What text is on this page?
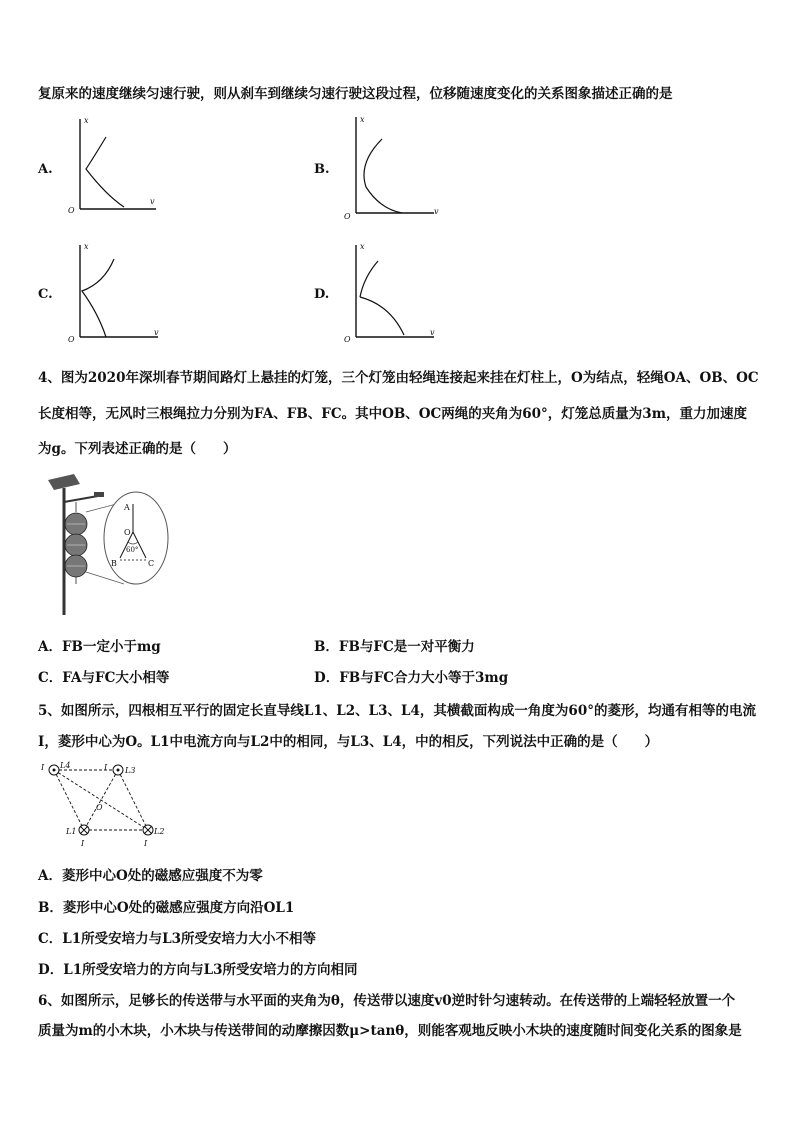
复原来的速度继续匀速行驶，则从刹车到继续匀速行驶这段过程，位移随速度变化的关系图象描述正确的是
A.	B.
C.	D.
x
v
O
x
v
O
x
v
O
x
v
O
4、图为2020年深圳春节期间路灯上悬挂的灯笼，三个灯笼由轻绳连接起来挂在灯柱上，O为结点，轻绳OA、OB、OC
长度相等，无风时三根绳拉力分别为FA、FB、FC。其中OB、OC两绳的夹角为60°，灯笼总质量为3m，重力加速度
为g。下列表述正确的是（　　）
A
O
60°
B	C
A．FB一定小于mg	B．FB与FC是一对平衡力
C．FA与FC大小相等	D．FB与FC合力大小等于3mg
5、如图所示，四根相互平行的固定长直导线L1、L2、L3、L4，其横截面构成一角度为60°的菱形，均通有相等的电流
I，菱形中心为O。L1中电流方向与L2中的相同，与L3、L4，中的相反，下列说法中正确的是（　　）
I L4	I L3
O
L1
I
L2
I
A．菱形中心O处的磁感应强度不为零
B．菱形中心O处的磁感应强度方向沿OL1
C．L1所受安培力与L3所受安培力大小不相等
D．L1所受安培力的方向与L3所受安培力的方向相同
6、如图所示，足够长的传送带与水平面的夹角为θ，传送带以速度v0逆时针匀速转动。在传送带的上端轻轻放置一个
质量为m的小木块，小木块与传送带间的动摩擦因数μ>tanθ，则能客观地反映小木块的速度随时间变化关系的图象是
